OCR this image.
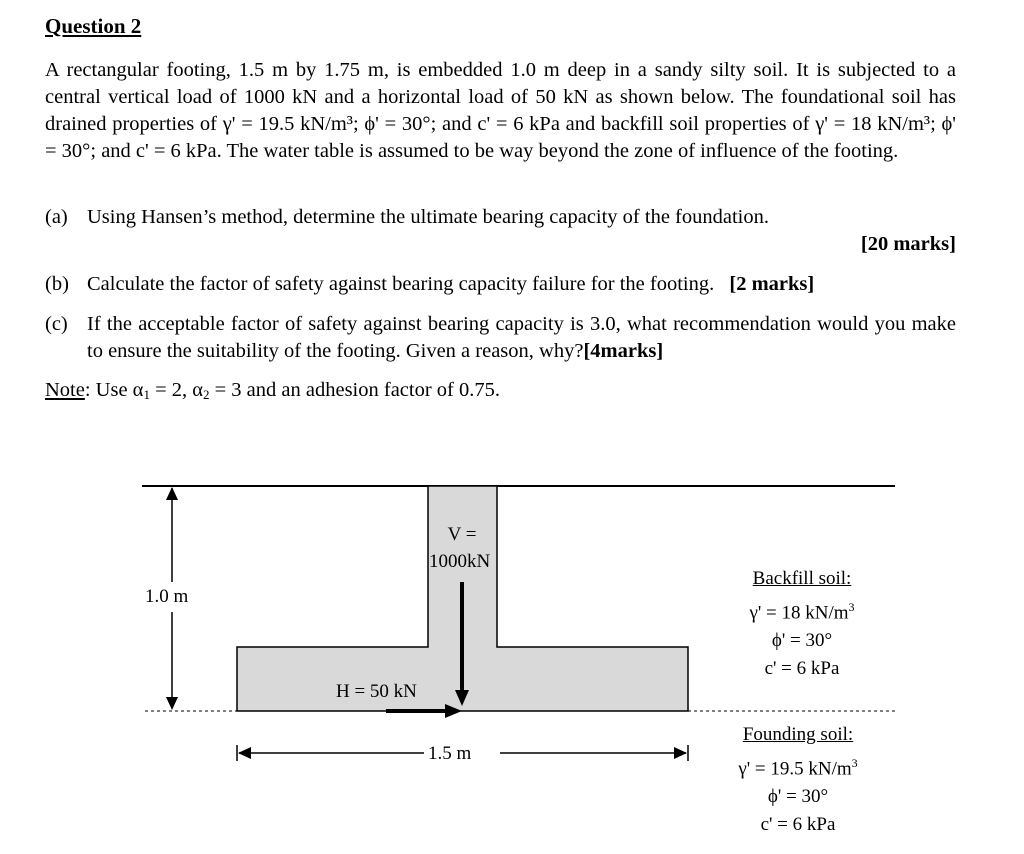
Question 2
A rectangular footing, 1.5 m by 1.75 m, is embedded 1.0 m deep in a sandy silty soil. It is subjected to a central vertical load of 1000 kN and a horizontal load of 50 kN as shown below. The foundational soil has drained properties of γ' = 19.5 kN/m³; ϕ' = 30°; and c' = 6 kPa and backfill soil properties of γ' = 18 kN/m³; ϕ' = 30°; and c' = 6 kPa. The water table is assumed to be way beyond the zone of influence of the footing.
(a) Using Hansen’s method, determine the ultimate bearing capacity of the foundation.
[20 marks]
(b) Calculate the factor of safety against bearing capacity failure for the footing. [2 marks]
(c) If the acceptable factor of safety against bearing capacity is 3.0, what recommendation would you make to ensure the suitability of the footing. Given a reason, why?[4marks]
Note: Use $\alpha_1 = 2$, $\alpha_2 = 3$ and an adhesion factor of 0.75.
1.0 m
V =
1000kN
H = 50 kN
1.5 m
Backfill soil:
γ' = 18 $kN/m^3$
ϕ' = 30°
c' = 6 kPa
Founding soil:
γ' = 19.5 $kN/m^3$
ϕ' = 30°
c' = 6 kPa
